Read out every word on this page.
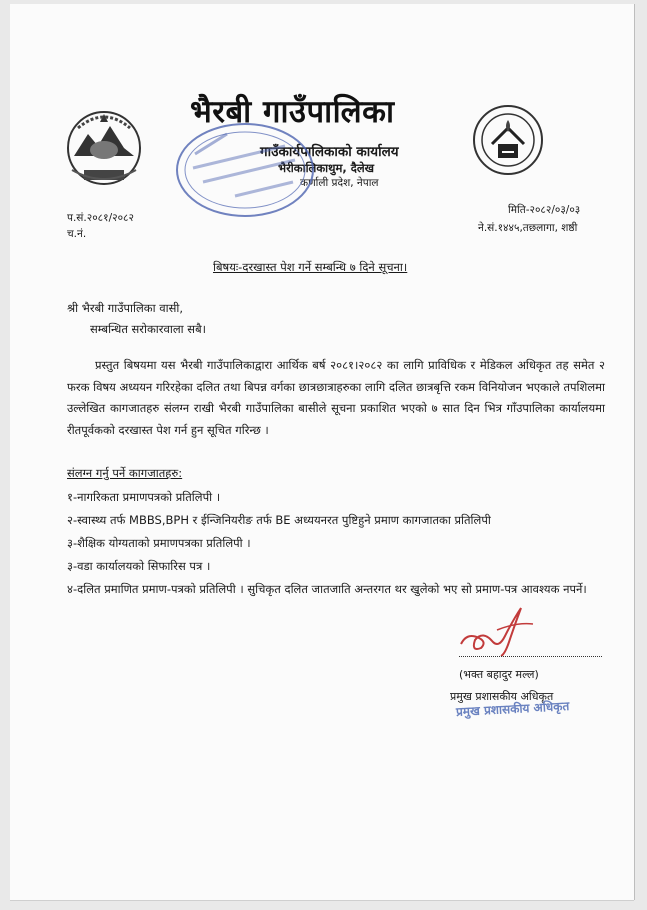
भैरबी गाउँपालिका
गाउँकार्यपालिकाको कार्यालय
भैरीकालिकाथुम, दैलेख
कर्णाली प्रदेश, नेपाल
प.सं.२०८१/२०८२
च.नं.
मिति-२०८२/०३/०३
ने.सं.१४४५,तछलागा, शष्ठी
बिषयः-दरखास्त पेश गर्ने सम्बन्धि ७ दिने सूचना।
श्री भैरबी गाउँपालिका वासी,
सम्बन्धित सरोकारवाला सबै।

प्रस्तुत बिषयमा यस भैरबी गाउँपालिकाद्वारा आर्थिक बर्ष २०८१।२०८२ का लागि प्राविधिक र मेडिकल अधिकृत तह समेत २ फरक विषय अध्ययन गरिरहेका दलित तथा बिपन्न वर्गका छात्रछात्राहरुका लागि दलित छात्रबृत्ति रकम विनियोजन भएकाले तपशिलमा उल्लेखित कागजातहरु संलग्न राखी भैरबी गाउँपालिका बासीले सूचना प्रकाशित भएको ७ सात दिन भित्र गाँउपालिका कार्यालयमा रीतपूर्वकको दरखास्त पेश गर्न हुन सूचित गरिन्छ ।

संलग्न गर्नु पर्ने कागजातहरु:
१-नागरिकता प्रमाणपत्रको प्रतिलिपी ।
२-स्वास्थ्य तर्फ MBBS,BPH र ईन्जिनियरीङ तर्फ BE अध्ययनरत पुष्टिहुने प्रमाण कागजातका प्रतिलिपी
३-शैक्षिक योग्यताको प्रमाणपत्रका प्रतिलिपी ।
३-वडा कार्यालयको सिफारिस पत्र ।
४-दलित प्रमाणित प्रमाण-पत्रको प्रतिलिपी । सुचिकृत दलित जातजाति अन्तरगत थर खुलेको भए सो प्रमाण-पत्र आवश्यक नपर्ने।
(भक्त बहादुर मल्ल)
प्रमुख प्रशासकीय अधिकृत
प्रमुख प्रशासकीय अधिकृत
